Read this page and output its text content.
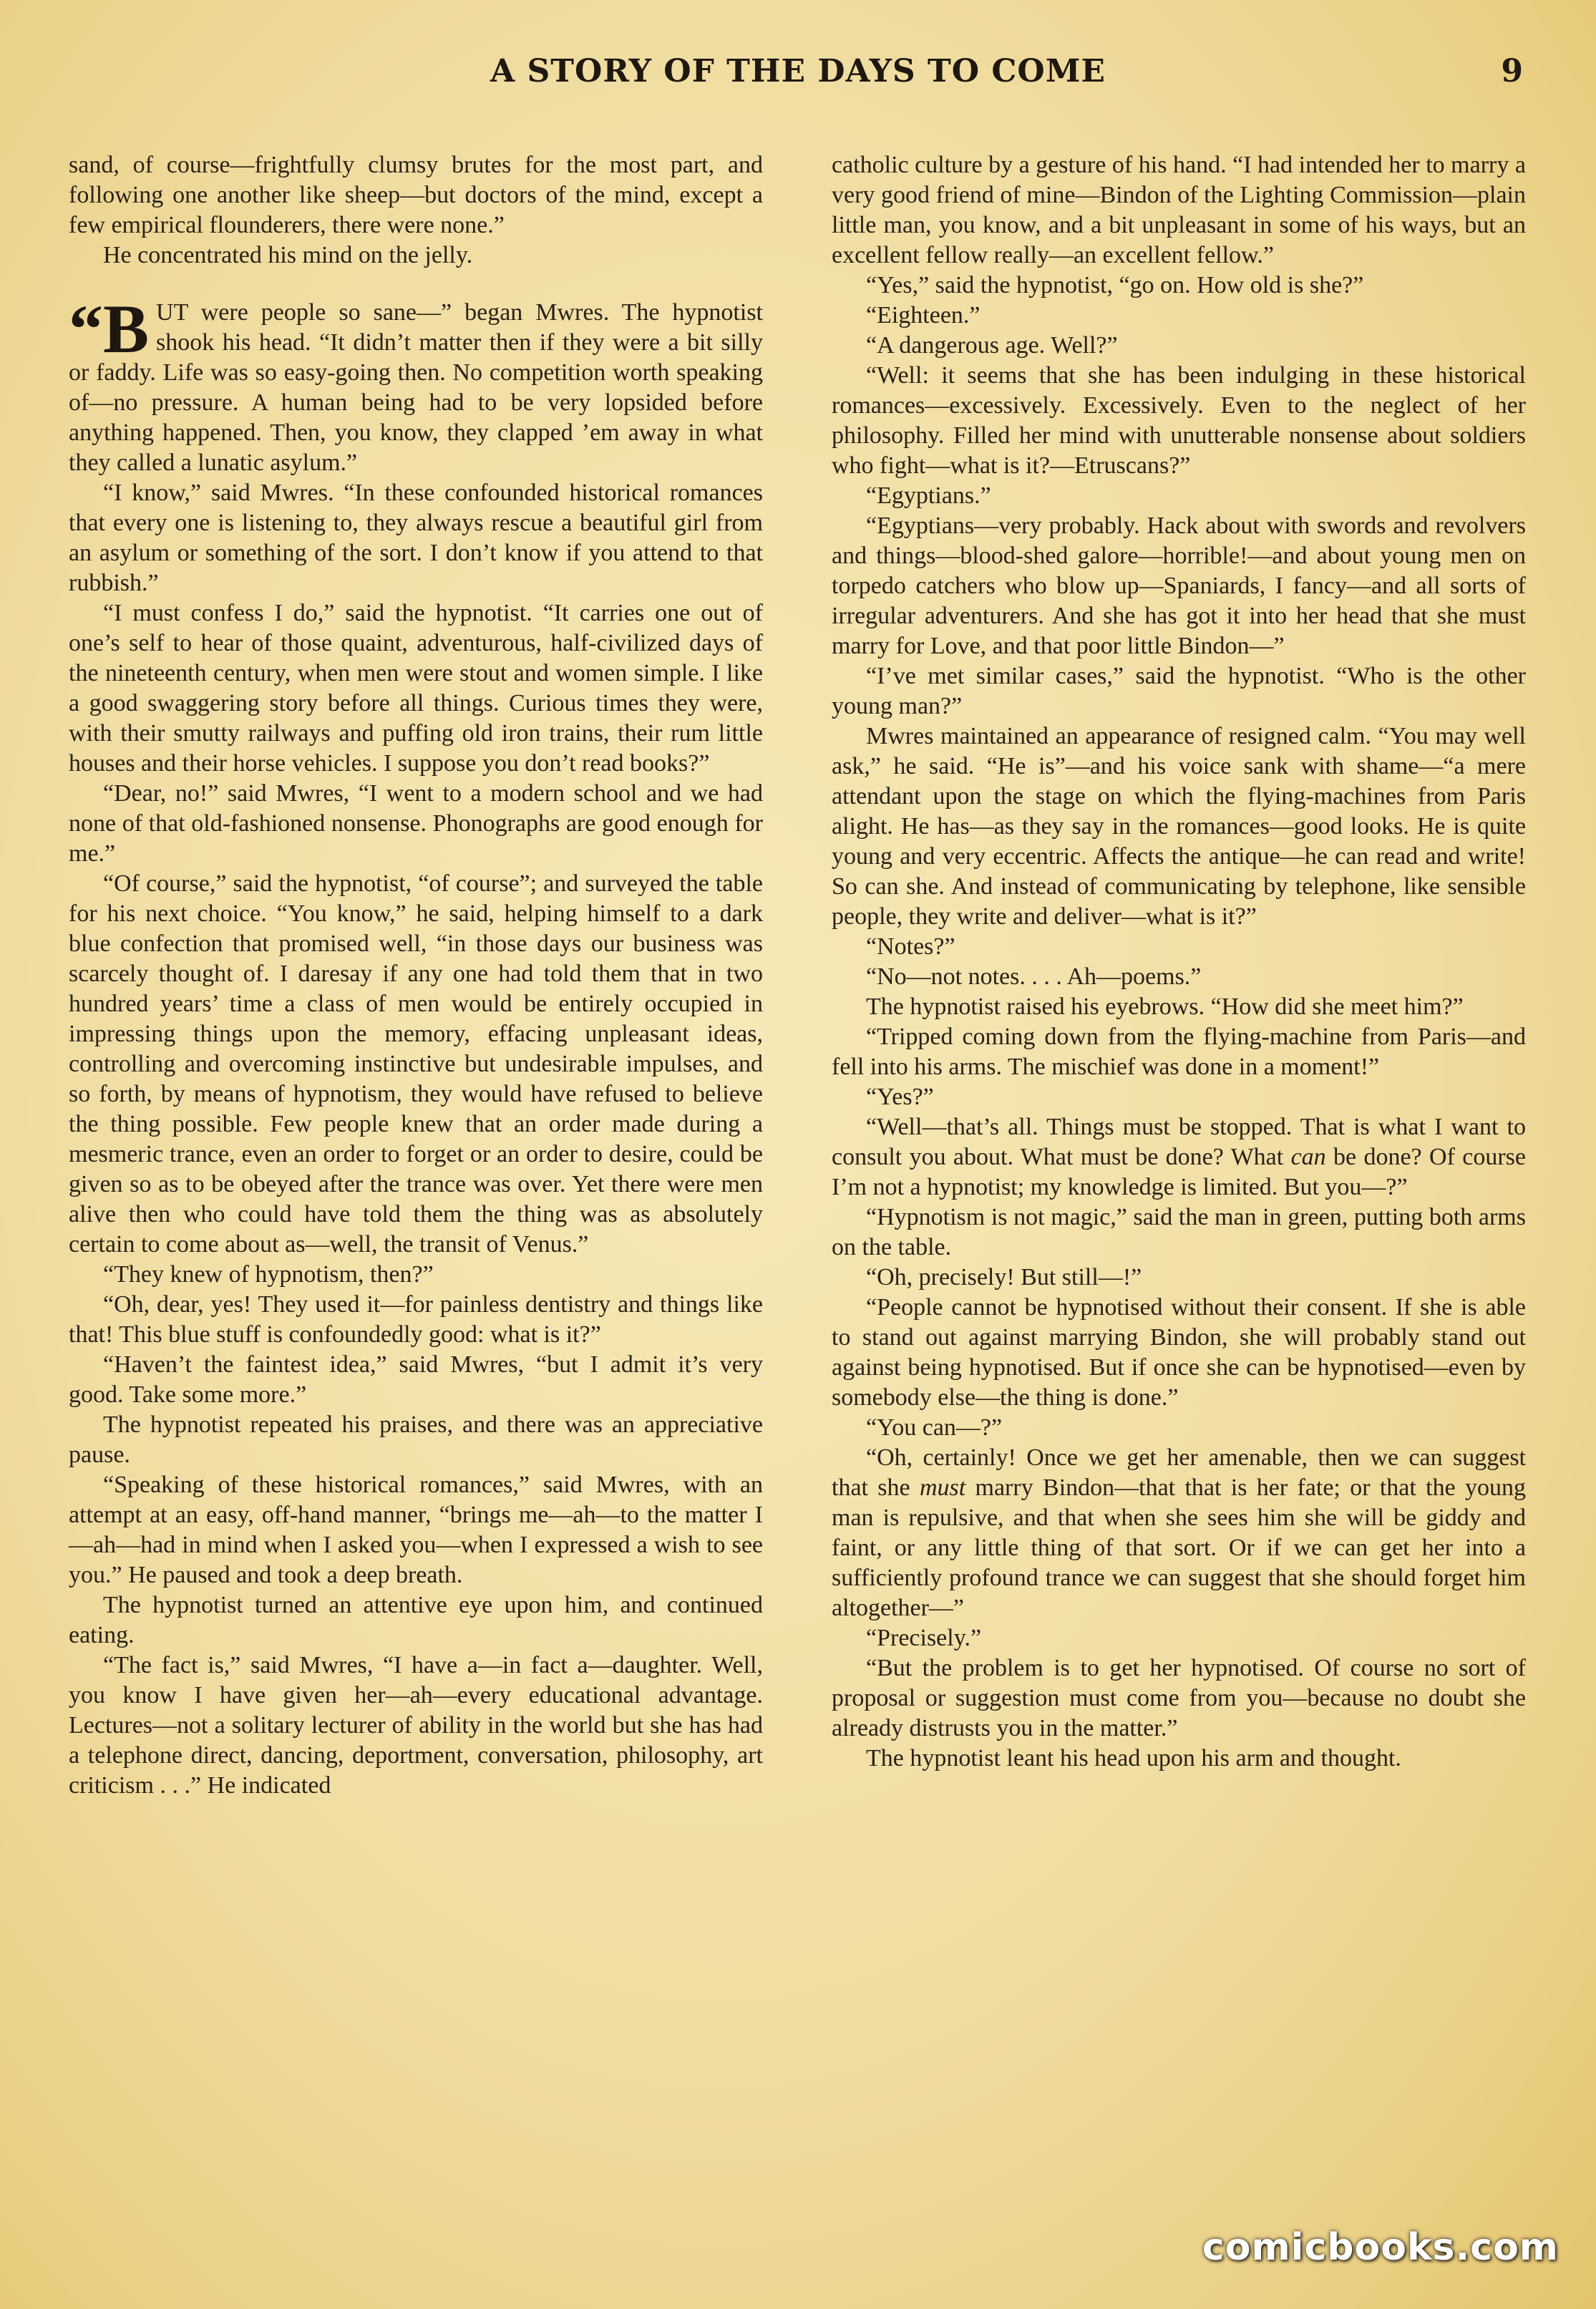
A STORY OF THE DAYS TO COME	9

sand, of course—frightfully clumsy brutes for the most part, and following one another like sheep—but doctors of the mind, except a few empirical flounderers, there were none.”

He concentrated his mind on the jelly.

“BUT were people so sane—” began Mwres. The hypnotist shook his head. “It didn’t matter then if they were a bit silly or faddy. Life was so easy-going then. No competition worth speaking of—no pressure. A human being had to be very lopsided before anything happened. Then, you know, they clapped ’em away in what they called a lunatic asylum.”

“I know,” said Mwres. “In these confounded historical romances that every one is listening to, they always rescue a beautiful girl from an asylum or something of the sort. I don’t know if you attend to that rubbish.”

“I must confess I do,” said the hypnotist. “It carries one out of one’s self to hear of those quaint, adventurous, half-civilized days of the nineteenth century, when men were stout and women simple. I like a good swaggering story before all things. Curious times they were, with their smutty railways and puffing old iron trains, their rum little houses and their horse vehicles. I suppose you don’t read books?”

“Dear, no!” said Mwres, “I went to a modern school and we had none of that old-fashioned nonsense. Phonographs are good enough for me.”

“Of course,” said the hypnotist, “of course”; and surveyed the table for his next choice. “You know,” he said, helping himself to a dark blue confection that promised well, “in those days our business was scarcely thought of. I daresay if any one had told them that in two hundred years’ time a class of men would be entirely occupied in impressing things upon the memory, effacing unpleasant ideas, controlling and overcoming instinctive but undesirable impulses, and so forth, by means of hypnotism, they would have refused to believe the thing possible. Few people knew that an order made during a mesmeric trance, even an order to forget or an order to desire, could be given so as to be obeyed after the trance was over. Yet there were men alive then who could have told them the thing was as absolutely certain to come about as—well, the transit of Venus.”

“They knew of hypnotism, then?”

“Oh, dear, yes! They used it—for painless dentistry and things like that! This blue stuff is confoundedly good: what is it?”

“Haven’t the faintest idea,” said Mwres, “but I admit it’s very good. Take some more.”

The hypnotist repeated his praises, and there was an appreciative pause.

“Speaking of these historical romances,” said Mwres, with an attempt at an easy, off-hand manner, “brings me—ah—to the matter I—ah—had in mind when I asked you—when I expressed a wish to see you.” He paused and took a deep breath.

The hypnotist turned an attentive eye upon him, and continued eating.

“The fact is,” said Mwres, “I have a—in fact a—daughter. Well, you know I have given her—ah—every educational advantage. Lectures—not a solitary lecturer of ability in the world but she has had a telephone direct, dancing, deportment, conversation, philosophy, art criticism . . .” He indicated

catholic culture by a gesture of his hand. “I had intended her to marry a very good friend of mine—Bindon of the Lighting Commission—plain little man, you know, and a bit unpleasant in some of his ways, but an excellent fellow really—an excellent fellow.”

“Yes,” said the hypnotist, “go on. How old is she?”

“Eighteen.”

“A dangerous age. Well?”

“Well: it seems that she has been indulging in these historical romances—excessively. Excessively. Even to the neglect of her philosophy. Filled her mind with unutterable nonsense about soldiers who fight—what is it?—Etruscans?”

“Egyptians.”

“Egyptians—very probably. Hack about with swords and revolvers and things—blood-shed galore—horrible!—and about young men on torpedo catchers who blow up—Spaniards, I fancy—and all sorts of irregular adventurers. And she has got it into her head that she must marry for Love, and that poor little Bindon—”

“I’ve met similar cases,” said the hypnotist. “Who is the other young man?”

Mwres maintained an appearance of resigned calm. “You may well ask,” he said. “He is”—and his voice sank with shame—“a mere attendant upon the stage on which the flying-machines from Paris alight. He has—as they say in the romances—good looks. He is quite young and very eccentric. Affects the antique—he can read and write! So can she. And instead of communicating by telephone, like sensible people, they write and deliver—what is it?”

“Notes?”

“No—not notes. . . . Ah—poems.”

The hypnotist raised his eyebrows. “How did she meet him?”

“Tripped coming down from the flying-machine from Paris—and fell into his arms. The mischief was done in a moment!”

“Yes?”

“Well—that’s all. Things must be stopped. That is what I want to consult you about. What must be done? What can be done? Of course I’m not a hypnotist; my knowledge is limited. But you—?”

“Hypnotism is not magic,” said the man in green, putting both arms on the table.

“Oh, precisely! But still—!”

“People cannot be hypnotised without their consent. If she is able to stand out against marrying Bindon, she will probably stand out against being hypnotised. But if once she can be hypnotised—even by somebody else—the thing is done.”

“You can—?”

“Oh, certainly! Once we get her amenable, then we can suggest that she must marry Bindon—that that is her fate; or that the young man is repulsive, and that when she sees him she will be giddy and faint, or any little thing of that sort. Or if we can get her into a sufficiently profound trance we can suggest that she should forget him altogether—”

“Precisely.”

“But the problem is to get her hypnotised. Of course no sort of proposal or suggestion must come from you—because no doubt she already distrusts you in the matter.”

The hypnotist leant his head upon his arm and thought.

comicbooks.com
